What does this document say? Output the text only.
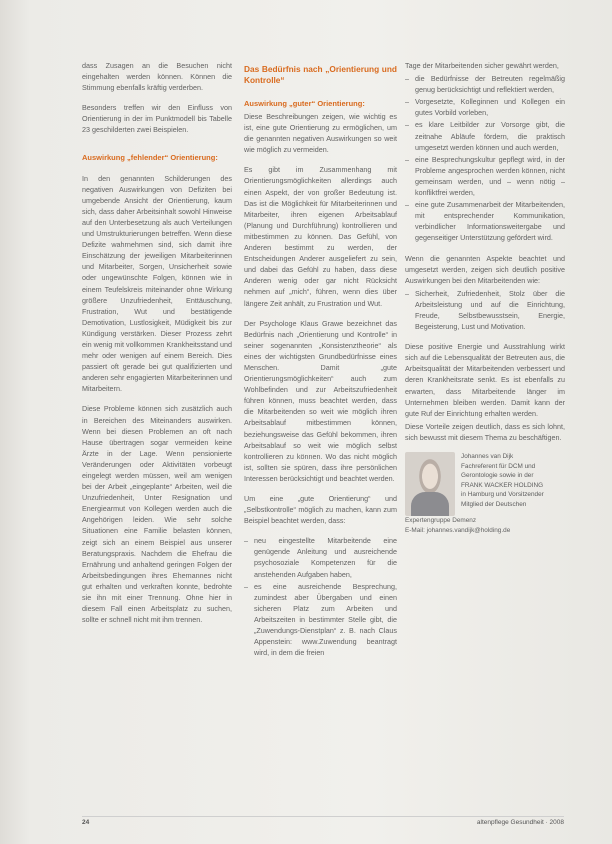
dass Zusagen an die Besuchen nicht eingehalten werden können. Können die Stimmung ebenfalls kräftig verderben.

Besonders treffen wir den Einfluss von Orientierung in der im Punktmodell bis Tabelle 23 geschilderten zwei Beispielen.

Auswirkung „fehlender“ Orientierung:

In den genannten Schilderungen des negativen Auswirkungen von Defiziten bei umgebende Ansicht der Orientierung, kaum sich, dass daher Arbeitsinhalt sowohl Hinweise auf den Unterbesetzung als auch Verteilungen und Umstrukturierungen betreffen. Wenn diese Defizite wahrnehmen sind, sich damit ihre Einschätzung der jeweiligen Mitarbeiterinnen und Mitarbeiter, Sorgen, Unsicherheit sowie oder ungewünschte Folgen, können wie in einem Teufelskreis miteinander ohne Wirkung größere Unzufriedenheit, Enttäuschung, Frustration, Wut und bestätigende Demotivation, Lustlosigkeit, Müdigkeit bis zur Kündigung verstärken. Dieser Prozess zehrt ein wenig mit vollkommen Krankheitsstand und mehr oder wenigen auf einem Bereich. Dies passiert oft gerade bei gut qualifizierten und anderen sehr engagierten Mitarbeiterinnen und Mitarbeitern.

Diese Probleme können sich zusätzlich auch in Bereichen des Miteinanders auswirken. Wenn bei diesen Problemen an oft nach Hause übertragen sogar vermeiden keine Ärzte in der Lage. Wenn pensionierte Veränderungen oder Aktivitäten vorbeugt eingelegt werden müssen, weil am wenigen bei der Arbeit „eingeplante“ Arbeiten, weil die Unzufriedenheit, Unter Resignation und Energiearmut von Kollegen werden auch die Angehörigen leiden. Wie sehr solche Situationen eine Familie belasten können, zeigt sich an einem Beispiel aus unserer Beratungspraxis. Nachdem die Ehefrau die Ernährung und anhaltend geringen Folgen der Arbeitsbedingungen ihres Ehemannes nicht gut erhalten und verkraften konnte, bedrohte sie ihn mit einer Trennung. Ohne hier in diesem Fall einen Arbeitsplatz zu suchen, sollte er schnell nicht mit ihm trennen.

Das Bedürfnis nach „Orientierung und Kontrolle“
Auswirkung „guter“ Orientierung:

Diese Beschreibungen zeigen, wie wichtig es ist, eine gute Orientierung zu ermöglichen, um die genannten negativen Auswirkungen so weit wie möglich zu vermeiden.

Es gibt im Zusammenhang mit Orientierungsmöglichkeiten allerdings auch einen Aspekt, der von großer Bedeutung ist. Das ist die Möglichkeit für Mitarbeiterinnen und Mitarbeiter, ihren eigenen Arbeitsablauf (Planung und Durchführung) kontrollieren und mitbestimmen zu können. Das Gefühl, von Anderen bestimmt zu werden, der Entscheidungen Anderer ausgeliefert zu sein, und dabei das Gefühl zu haben, dass diese Anderen wenig oder gar nicht Rücksicht nehmen auf „mich“, führen, wenn dies über längere Zeit anhält, zu Frustration und Wut.

Der Psychologe Klaus Grawe bezeichnet das Bedürfnis nach „Orientierung und Kontrolle“ in seiner sogenannten „Konsistenztheorie“ als eines der wichtigsten Grundbedürfnisse eines Menschen. Damit „gute Orientierungsmöglichkeiten“ auch zum Wohlbefinden und zur Arbeitszufriedenheit führen können, muss beachtet werden, dass die Mitarbeitenden so weit wie möglich ihren Arbeitsablauf mitbestimmen können, beziehungsweise das Gefühl bekommen, ihren Arbeitsablauf so weit wie möglich selbst kontrollieren zu können. Wo das nicht möglich ist, sollten sie spüren, dass ihre persönlichen Interessen berücksichtigt und beachtet werden.

Um eine „gute Orientierung“ und „Selbstkontrolle“ möglich zu machen, kann zum Beispiel beachtet werden, dass:

– neu eingestellte Mitarbeitende eine genügende Anleitung und ausreichende psychosoziale Kompetenzen für die anstehenden Aufgaben haben,
– es eine ausreichende Besprechung, zumindest aber Übergaben und einen sicheren Platz zum Arbeiten und Arbeitszeiten in bestimmter Stelle gibt, die „Zuwendungs-Dienstplan“ z. B. nach Claus Appenstein: www.Zuwendung beantragt wird, in dem die freien

Tage der Mitarbeitenden sicher gewährt werden,

– die Bedürfnisse der Betreuten regelmäßig genug berücksichtigt und reflektiert werden,
– Vorgesetzte, Kolleginnen und Kollegen ein gutes Vorbild vorleben,
– es klare Leitbilder zur Vorsorge gibt, die zeitnahe Abläufe fördern, die praktisch umgesetzt werden können und auch werden,
– eine Besprechungskultur gepflegt wird, in der Probleme angesprochen werden können, nicht gemeinsam werden, und – wenn nötig – konfliktfrei werden,
– eine gute Zusammenarbeit der Mitarbeitenden, mit entsprechender Kommunikation, verbindlicher Informationsweitergabe und gegenseitiger Unterstützung gefördert wird.

Wenn die genannten Aspekte beachtet und umgesetzt werden, zeigen sich deutlich positive Auswirkungen bei den Mitarbeitenden wie:

– Sicherheit, Zufriedenheit, Stolz über die Arbeitsleistung und auf die Einrichtung, Freude, Selbstbewusstsein, Energie, Begeisterung, Lust und Motivation.

Diese positive Energie und Ausstrahlung wirkt sich auf die Lebensqualität der Betreuten aus, die Arbeitsqualität der Mitarbeitenden verbessert und deren Krankheitsrate senkt. Es ist ebenfalls zu erwarten, dass Mitarbeitende länger im Unternehmen bleiben werden. Damit kann der gute Ruf der Einrichtung erhalten werden.

Diese Vorteile zeigen deutlich, dass es sich lohnt, sich bewusst mit diesem Thema zu beschäftigen.

Johannes van Dijk
Fachreferent für DCM und
Gerontologie sowie in der
FRANK WACKER HOLDING
in Hamburg und Vorsitzender
Mitglied der Deutschen
Expertengruppe Demenz
E-Mail: johannes.vandijk@holding.de
24	altenpflege Gesundheit · 2008
